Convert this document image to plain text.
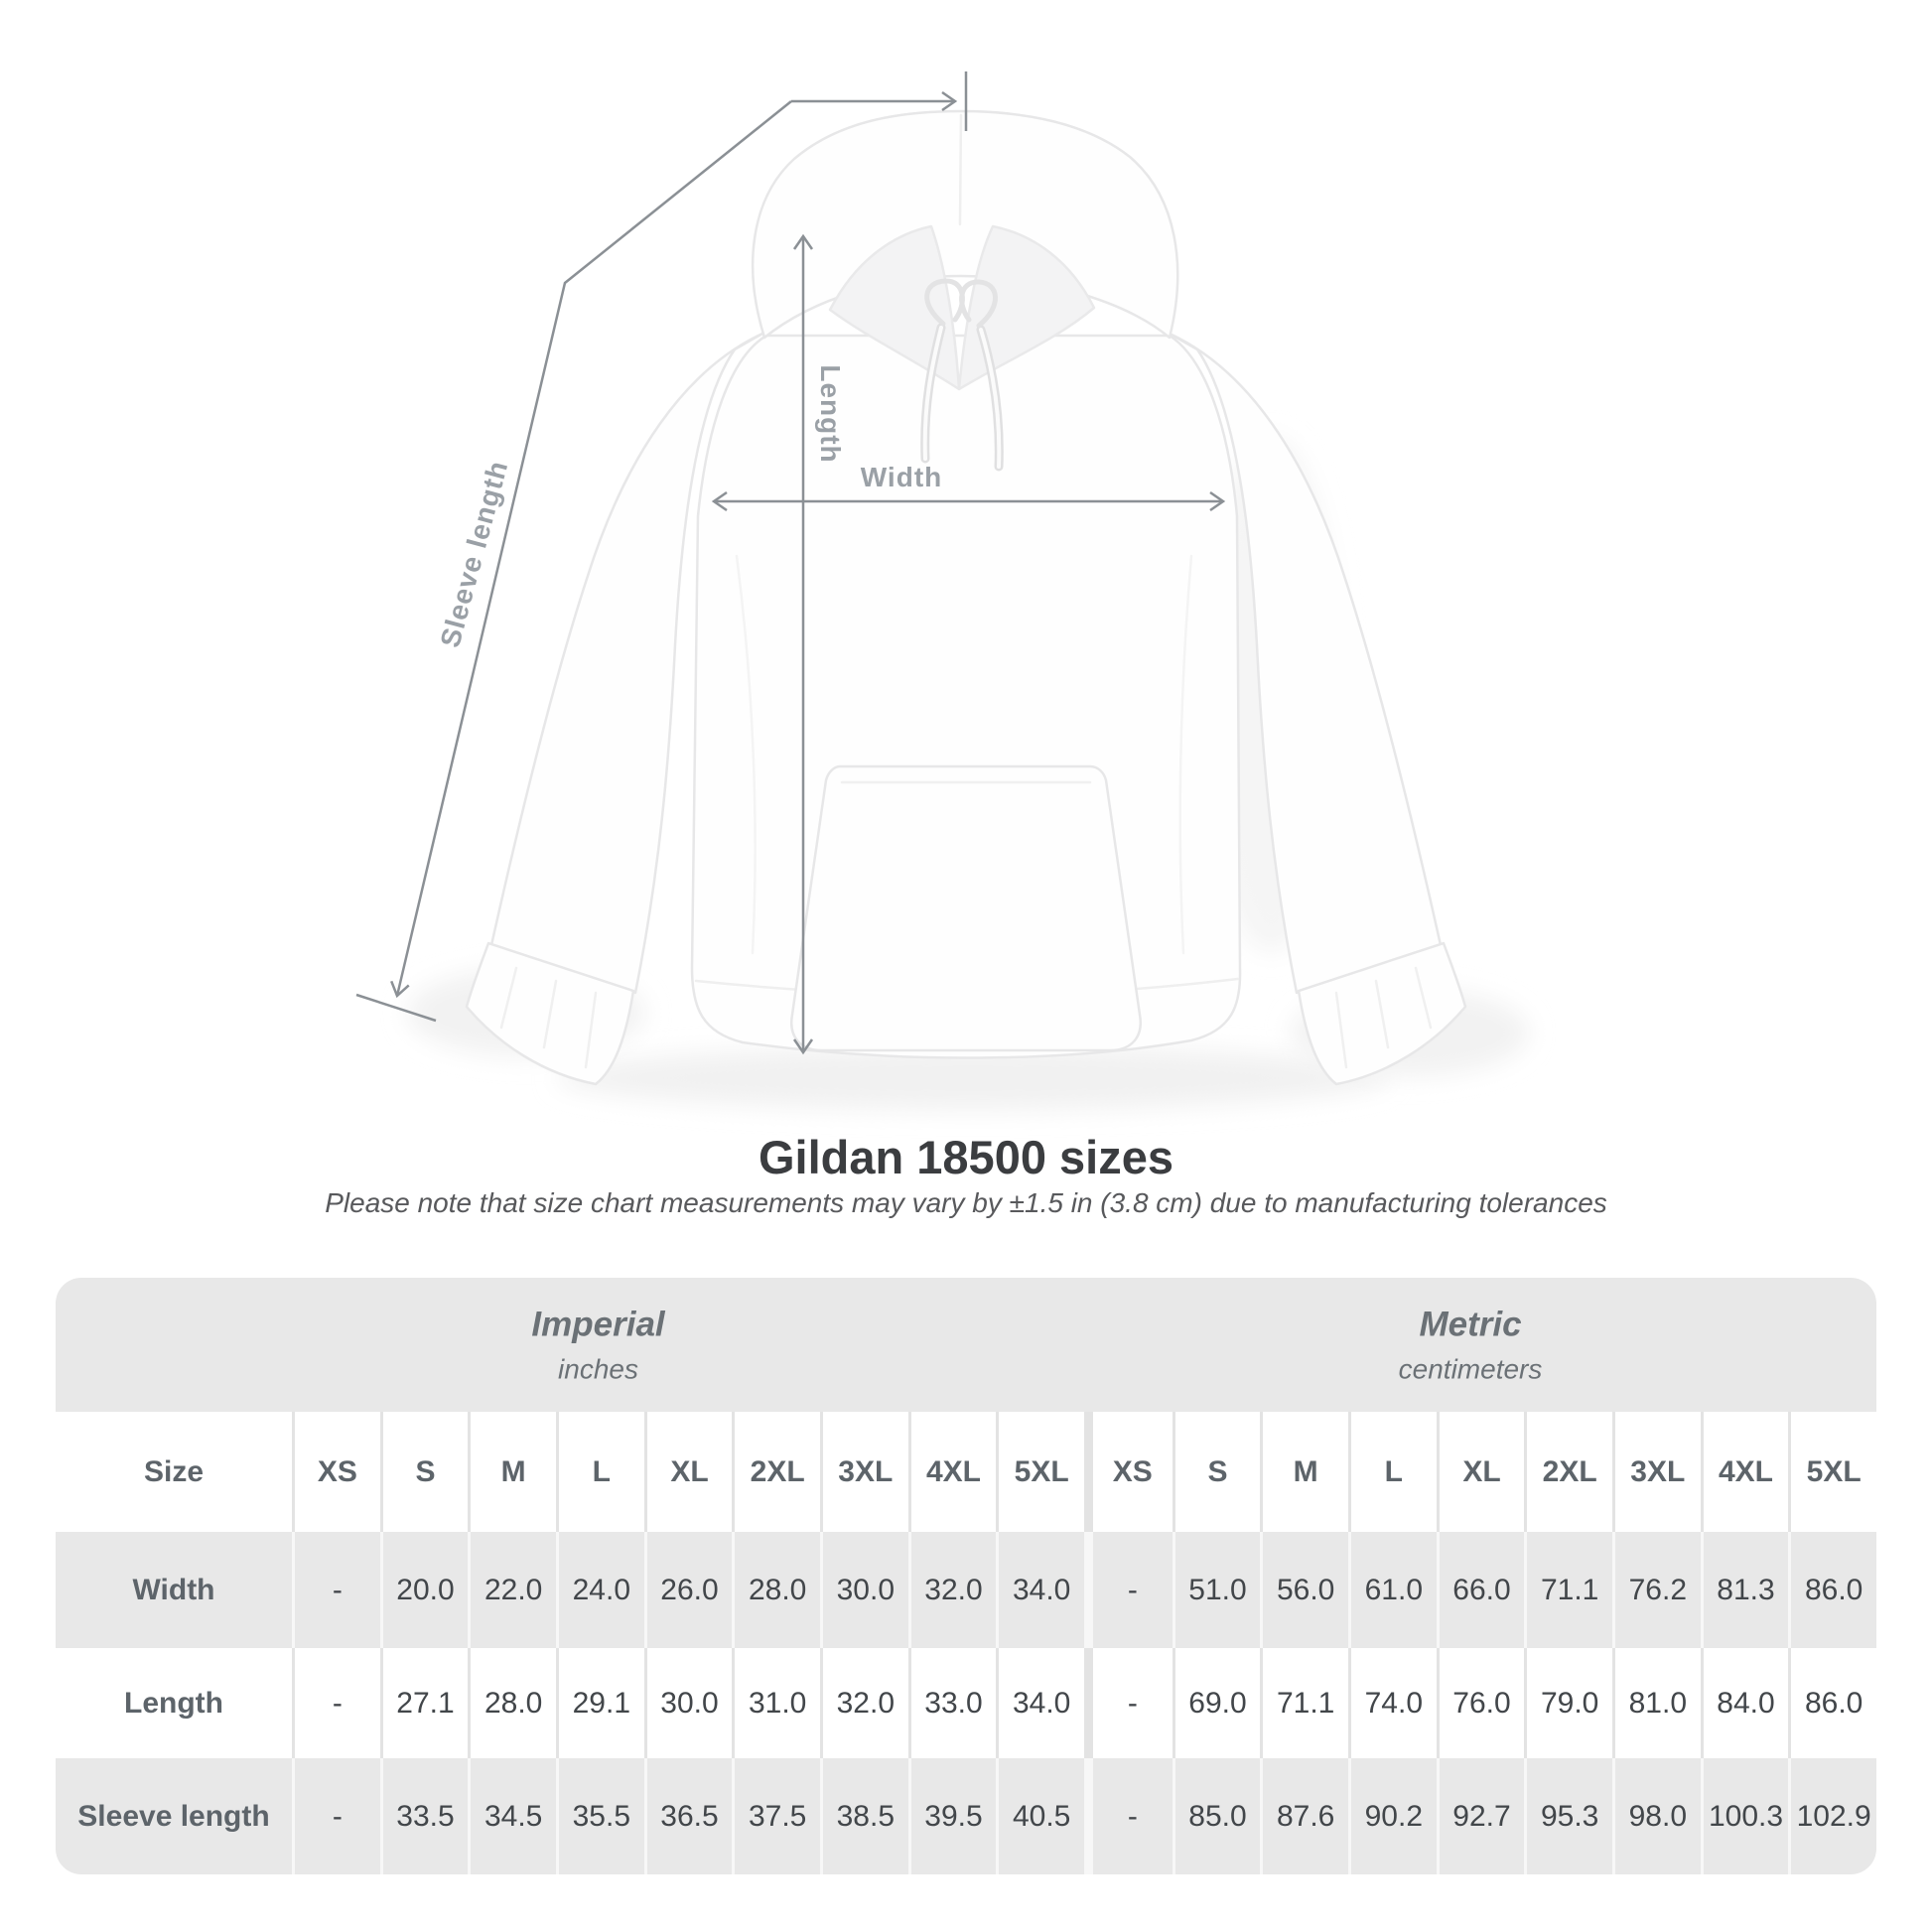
Length
Width
Sleeve length
Gildan 18500 sizes

Please note that size chart measurements may vary by ±1.5 in (3.8 cm) due to manufacturing tolerances

Imperial
inches
Metric
centimeters
Size	XS	S	M	L	XL	2XL	3XL	4XL	5XL	XS	S	M	L	XL	2XL	3XL	4XL	5XL
Width	-	20.0	22.0	24.0	26.0	28.0	30.0	32.0	34.0	-	51.0	56.0	61.0	66.0	71.1	76.2	81.3	86.0
Length	-	27.1	28.0	29.1	30.0	31.0	32.0	33.0	34.0	-	69.0	71.1	74.0	76.0	79.0	81.0	84.0	86.0
Sleeve length	-	33.5	34.5	35.5	36.5	37.5	38.5	39.5	40.5	-	85.0	87.6	90.2	92.7	95.3	98.0 100.3 102.9
